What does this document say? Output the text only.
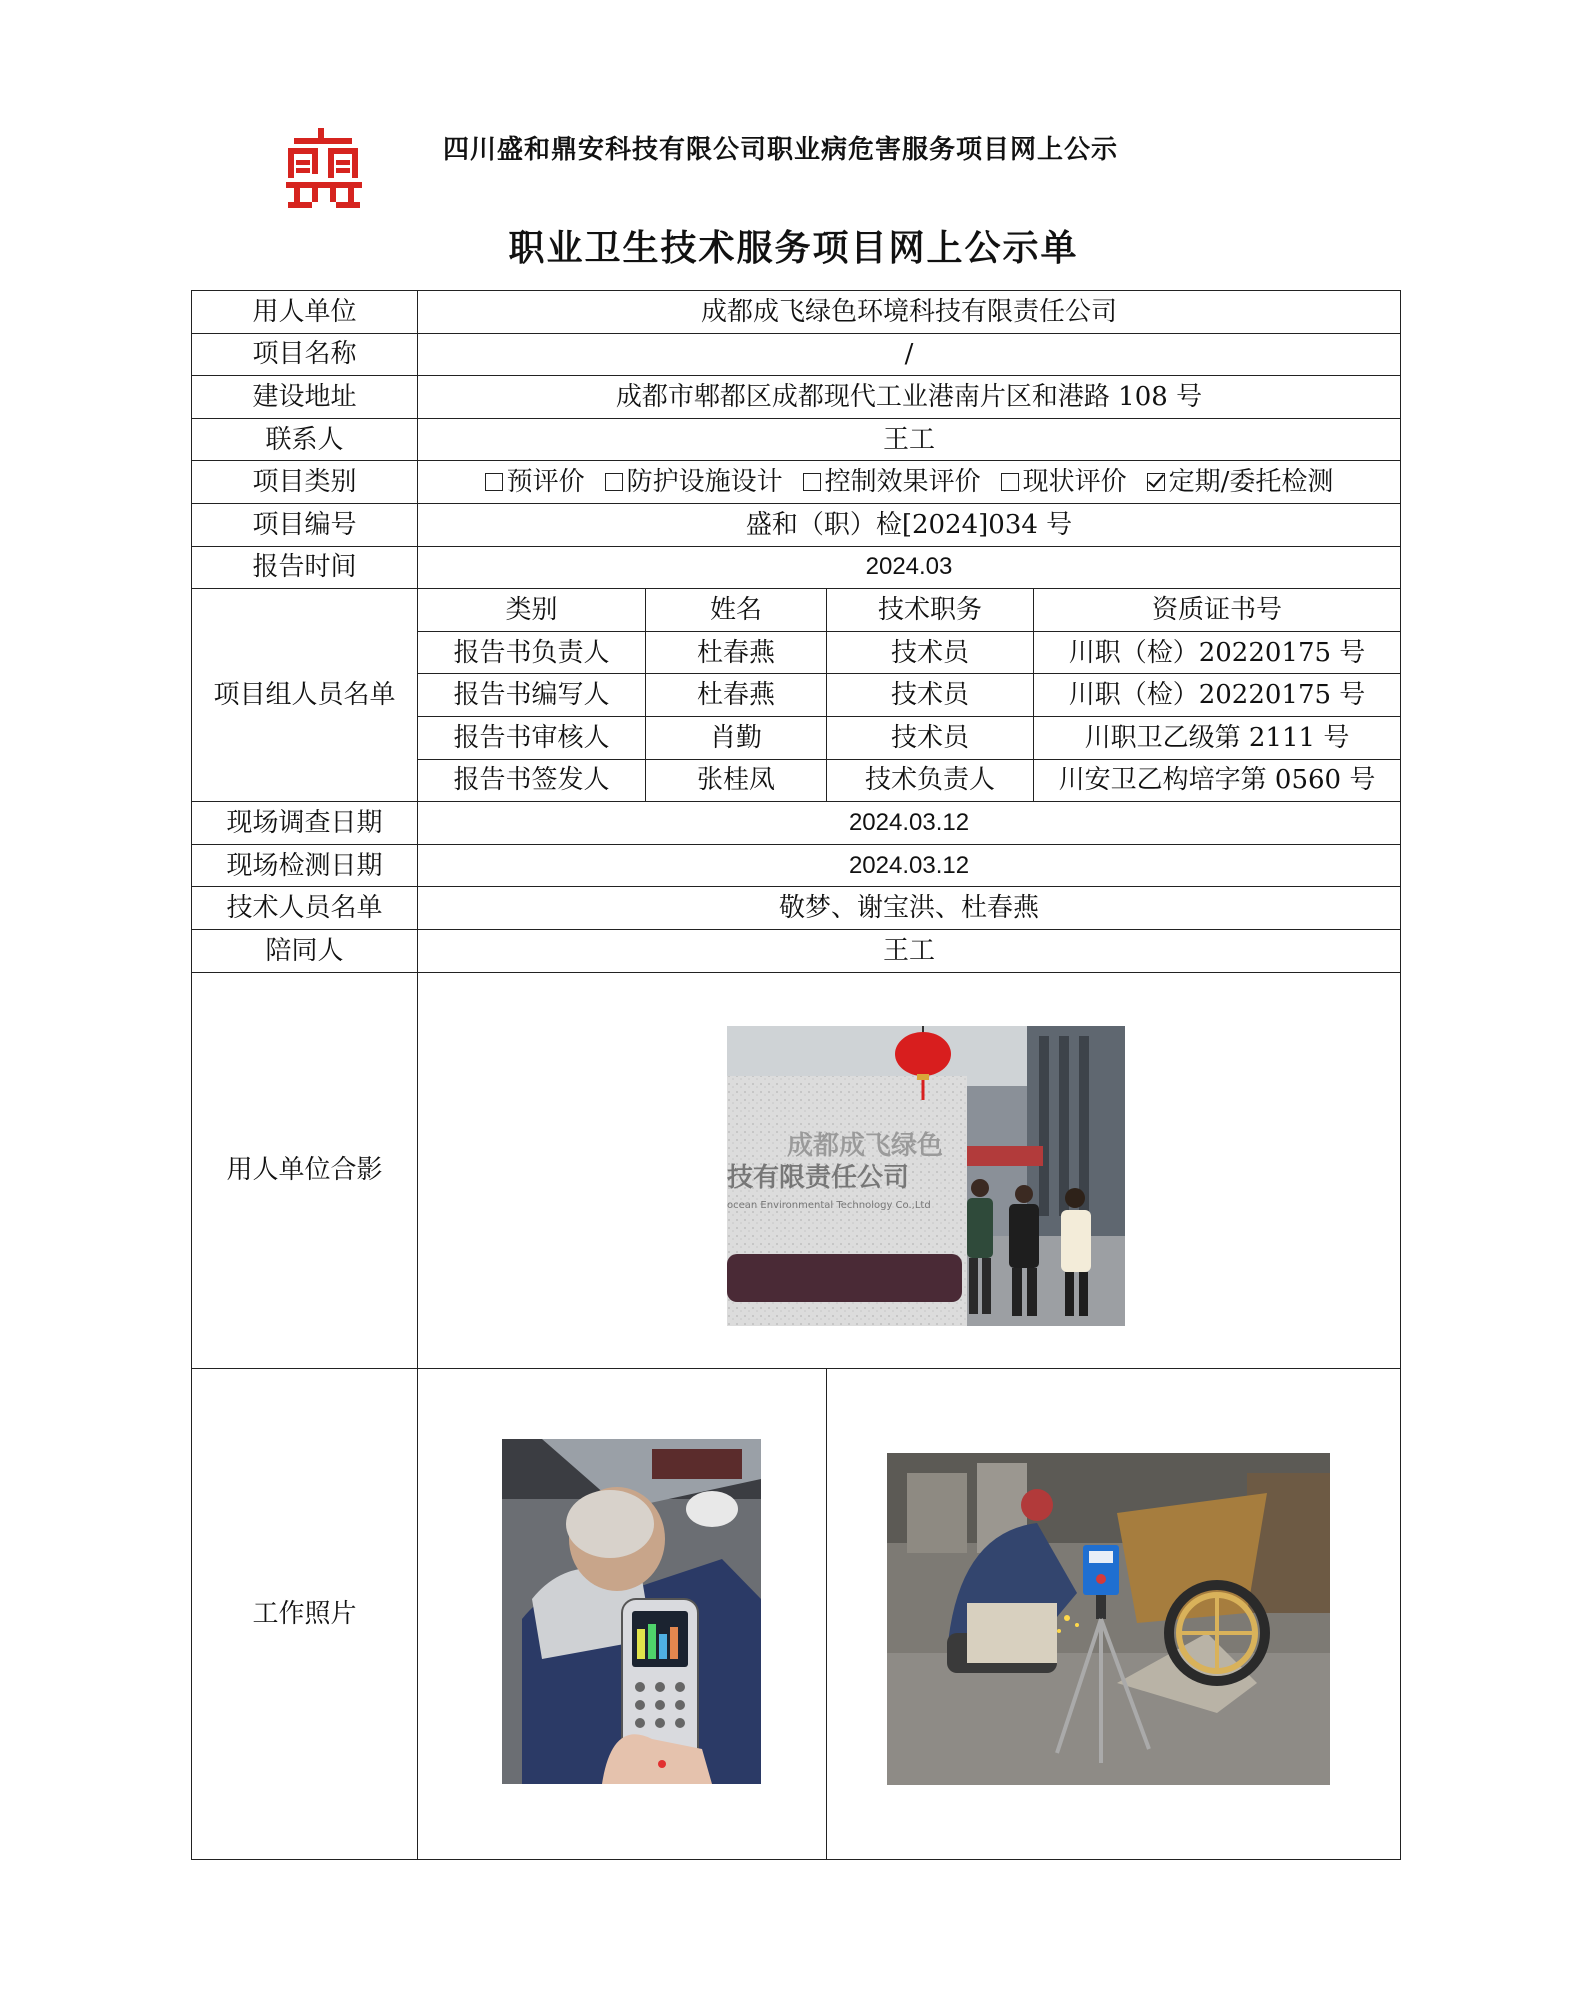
四川盛和鼎安科技有限公司职业病危害服务项目网上公示
职业卫生技术服务项目网上公示单
用人单位	成都成飞绿色环境科技有限责任公司			
项目名称	/			
建设地址	成都市郫都区成都现代工业港南片区和港路 108 号			
联系人	王工			
项目类别	预评价 防护设施设计 控制效果评价 现状评价 定期/委托检测			

项目编号	盛和（职）检[2024]034 号			
报告时间	2024.03			
项目组人员名单	类别	姓名	技术职务	资质证书号
	报告书负责人	杜春燕	技术员	川职（检）20220175 号
	报告书编写人	杜春燕	技术员	川职（检）20220175 号
	报告书审核人	肖勤	技术员	川职卫乙级第 2111 号
	报告书签发人	张桂凤	技术负责人	川安卫乙构培字第 0560 号
现场调查日期	2024.03.12			
现场检测日期	2024.03.12			
技术人员名单	敬梦、谢宝洪、杜春燕			
陪同人	王工			
用人单位合影	成都成飞绿色
技有限责任公司
ocean Environmental Technology Co.,Ltd			

工作照片	
